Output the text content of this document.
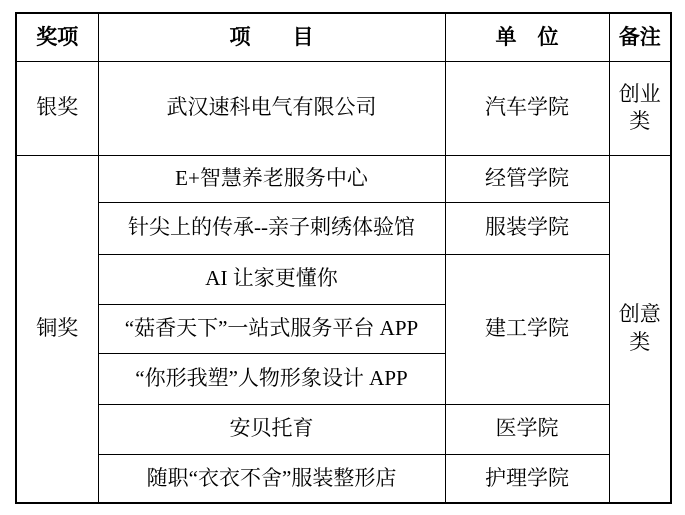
奖项	项　　目	单　位	备注
银奖	武汉速科电气有限公司	汽车学院	创业类
铜奖	E+智慧养老服务中心	经管学院	创意类
	针尖上的传承--亲子刺绣体验馆	服装学院	
	AI 让家更懂你	建工学院	
	“菇香天下”一站式服务平台 APP		
	“你形我塑”人物形象设计 APP		
	安贝托育	医学院	
	随职“衣衣不舍”服装整形店	护理学院	
